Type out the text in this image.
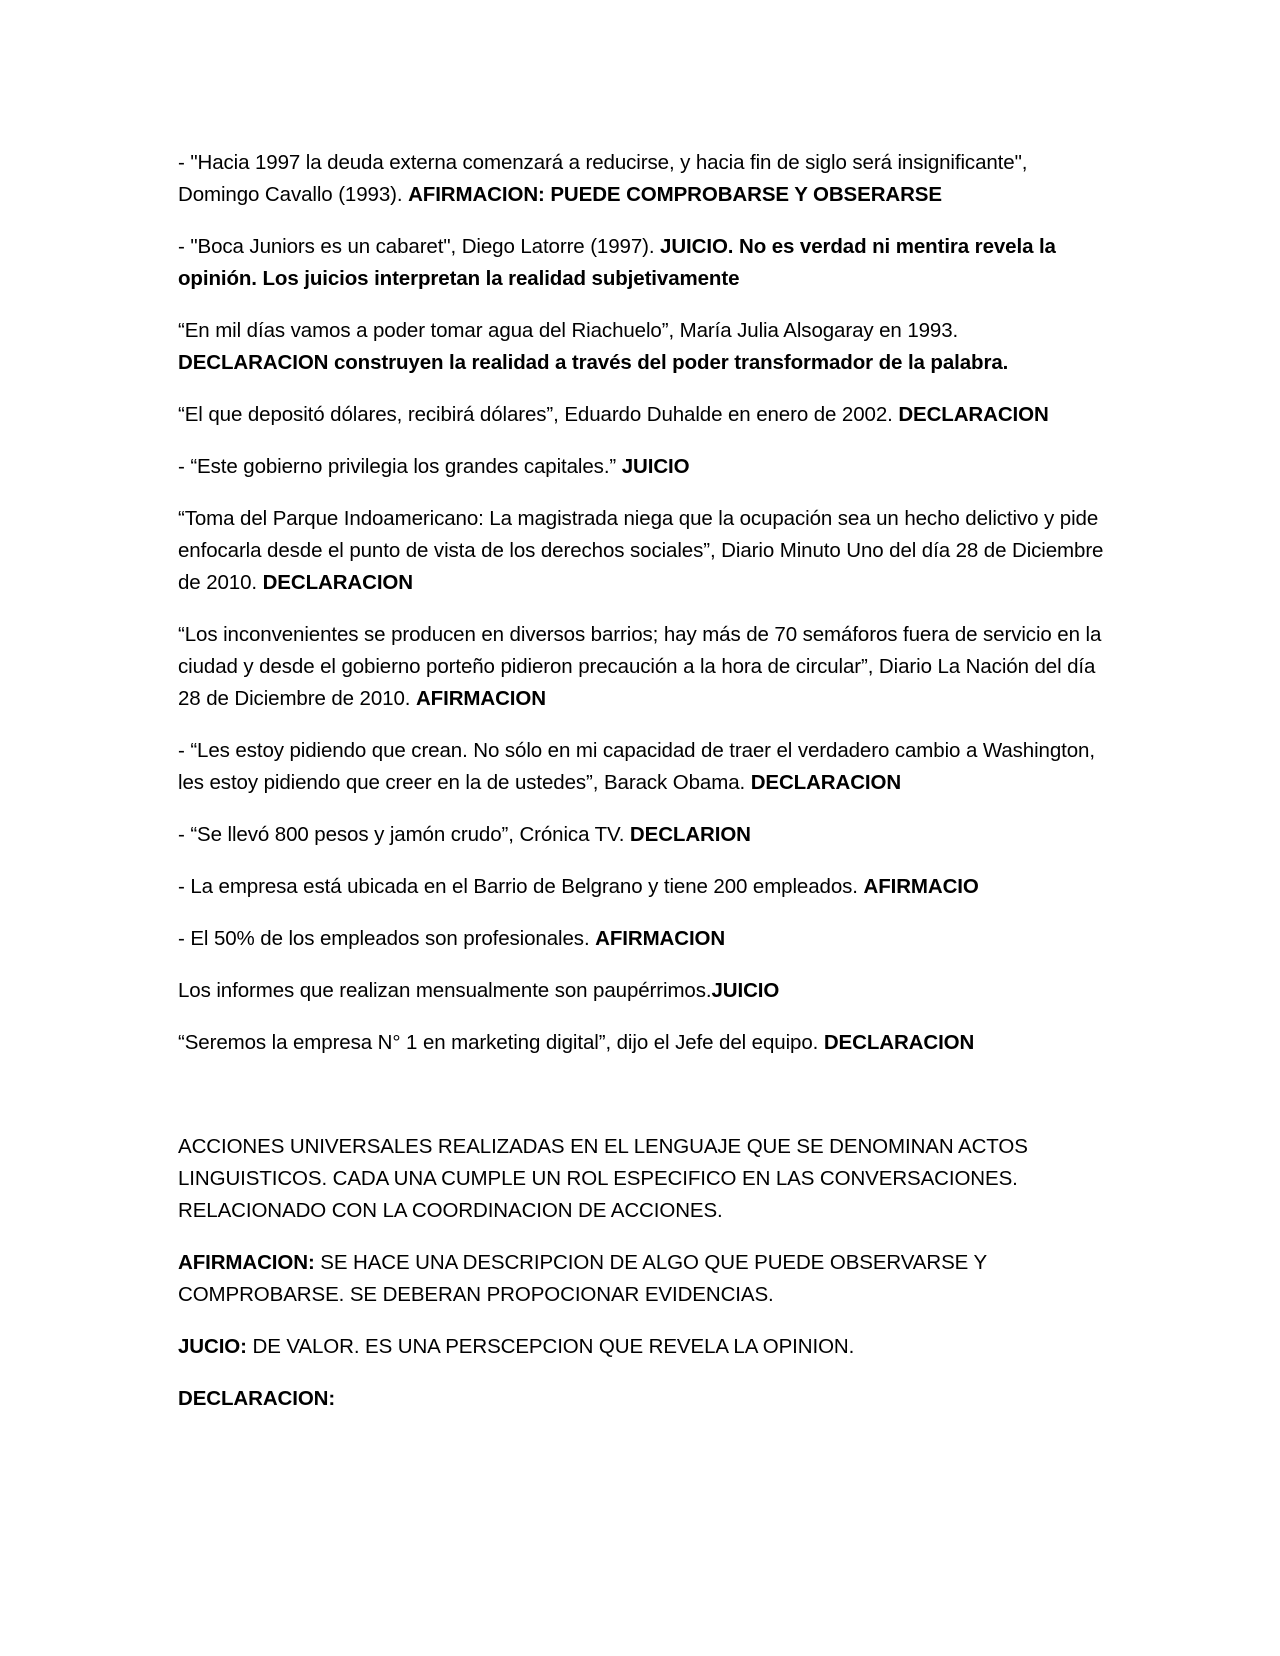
- "Hacia 1997 la deuda externa comenzará a reducirse, y hacia fin de siglo será insignificante", Domingo Cavallo (1993). AFIRMACION: PUEDE COMPROBARSE Y OBSERARSE

- "Boca Juniors es un cabaret", Diego Latorre (1997). JUICIO. No es verdad ni mentira revela la opinión. Los juicios interpretan la realidad subjetivamente

“En mil días vamos a poder tomar agua del Riachuelo”, María Julia Alsogaray en 1993. DECLARACION construyen la realidad a través del poder transformador de la palabra.

“El que depositó dólares, recibirá dólares”, Eduardo Duhalde en enero de 2002. DECLARACION

- “Este gobierno privilegia los grandes capitales.” JUICIO

“Toma del Parque Indoamericano: La magistrada niega que la ocupación sea un hecho delictivo y pide enfocarla desde el punto de vista de los derechos sociales”, Diario Minuto Uno del día 28 de Diciembre de 2010. DECLARACION

“Los inconvenientes se producen en diversos barrios; hay más de 70 semáforos fuera de servicio en la ciudad y desde el gobierno porteño pidieron precaución a la hora de circular”, Diario La Nación del día 28 de Diciembre de 2010. AFIRMACION

- “Les estoy pidiendo que crean. No sólo en mi capacidad de traer el verdadero cambio a Washington, les estoy pidiendo que creer en la de ustedes”, Barack Obama. DECLARACION

- “Se llevó 800 pesos y jamón crudo”, Crónica TV. DECLARION

- La empresa está ubicada en el Barrio de Belgrano y tiene 200 empleados. AFIRMACIO

- El 50% de los empleados son profesionales. AFIRMACION

Los informes que realizan mensualmente son paupérrimos.JUICIO

“Seremos la empresa N° 1 en marketing digital”, dijo el Jefe del equipo. DECLARACION

ACCIONES UNIVERSALES REALIZADAS EN EL LENGUAJE QUE SE DENOMINAN ACTOS LINGUISTICOS. CADA UNA CUMPLE UN ROL ESPECIFICO EN LAS CONVERSACIONES. RELACIONADO CON LA COORDINACION DE ACCIONES.

AFIRMACION: SE HACE UNA DESCRIPCION DE ALGO QUE PUEDE OBSERVARSE Y COMPROBARSE. SE DEBERAN PROPOCIONAR EVIDENCIAS.

JUCIO: DE VALOR. ES UNA PERSCEPCION QUE REVELA LA OPINION.

DECLARACION:
